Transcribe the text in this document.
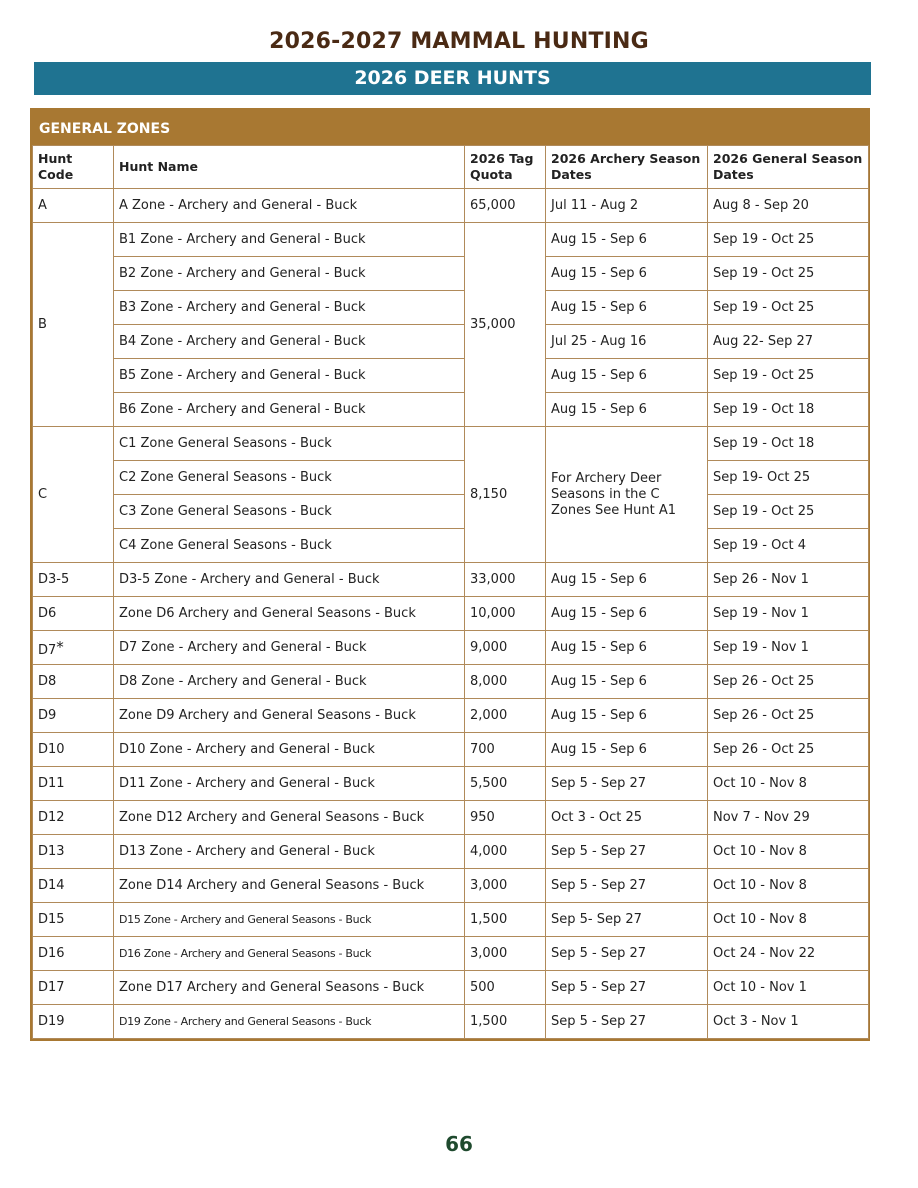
2026-2027 MAMMAL HUNTING
2026 DEER HUNTS
GENERAL ZONES
Hunt Code	Hunt Name	2026 Tag Quota	2026 Archery Season Dates	2026 General Season Dates
A	A Zone - Archery and General - Buck	65,000	Jul 11 - Aug 2	Aug 8 - Sep 20
B	B1 Zone - Archery and General - Buck	35,000	Aug 15 - Sep 6	Sep 19 - Oct 25
	B2 Zone - Archery and General - Buck		Aug 15 - Sep 6	Sep 19 - Oct 25
	B3 Zone - Archery and General - Buck		Aug 15 - Sep 6	Sep 19 - Oct 25
	B4 Zone - Archery and General - Buck		Jul 25 - Aug 16	Aug 22- Sep 27
	B5 Zone - Archery and General - Buck		Aug 15 - Sep 6	Sep 19 - Oct 25
	B6 Zone - Archery and General - Buck		Aug 15 - Sep 6	Sep 19 - Oct 18
C	C1 Zone General Seasons - Buck	8,150	For Archery Deer Seasons in the C Zones See Hunt A1	Sep 19 - Oct 18
	C2 Zone General Seasons - Buck			Sep 19- Oct 25
	C3 Zone General Seasons - Buck			Sep 19 - Oct 25
	C4 Zone General Seasons - Buck			Sep 19 - Oct 4
D3-5	D3-5 Zone - Archery and General - Buck	33,000	Aug 15 - Sep 6	Sep 26 - Nov 1
D6	Zone D6 Archery and General Seasons - Buck	10,000	Aug 15 - Sep 6	Sep 19 - Nov 1
D7*	D7 Zone - Archery and General - Buck	9,000	Aug 15 - Sep 6	Sep 19 - Nov 1
D8	D8 Zone - Archery and General - Buck	8,000	Aug 15 - Sep 6	Sep 26 - Oct 25
D9	Zone D9 Archery and General Seasons - Buck	2,000	Aug 15 - Sep 6	Sep 26 - Oct 25
D10	D10 Zone - Archery and General - Buck	700	Aug 15 - Sep 6	Sep 26 - Oct 25
D11	D11 Zone - Archery and General - Buck	5,500	Sep 5 - Sep 27	Oct 10 - Nov 8
D12	Zone D12 Archery and General Seasons - Buck	950	Oct 3 - Oct 25	Nov 7 - Nov 29
D13	D13 Zone - Archery and General - Buck	4,000	Sep 5 - Sep 27	Oct 10 - Nov 8
D14	Zone D14 Archery and General Seasons - Buck	3,000	Sep 5 - Sep 27	Oct 10 - Nov 8
D15	D15 Zone - Archery and General Seasons - Buck	1,500	Sep 5- Sep 27	Oct 10 - Nov 8
D16	D16 Zone - Archery and General Seasons - Buck	3,000	Sep 5 - Sep 27	Oct 24 - Nov 22
D17	Zone D17 Archery and General Seasons - Buck	500	Sep 5 - Sep 27	Oct 10 - Nov 1
D19	D19 Zone - Archery and General Seasons - Buck	1,500	Sep 5 - Sep 27	Oct 3 - Nov 1
66
